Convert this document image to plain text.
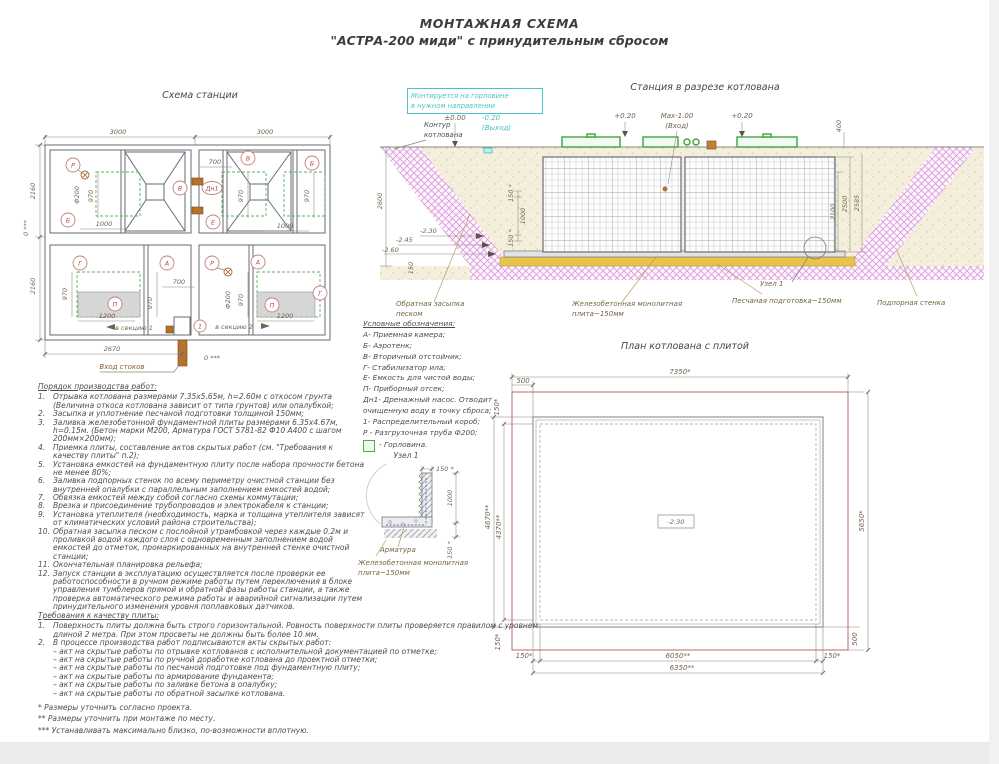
МОНТАЖНАЯ СХЕМА
"АСТРА-200 миди" с принудительным сбросом
Схема станции
Станция в разрезе котлована
План котлована с плитой
Монтируется на горловине
в нужном направлении
Контур
котлована
3000	3000
2160
2160
0 ***
2670
0 ***
Ф200 970
1000
700
970	970
1000
970
1200
700
970	Ф200 970
1200
Р
Б
В
В
Б
Дн1
Е
Г	А
П
Р	А
П
Г
1
в секцию 1	в секцию 2
Вход стоков
±0.00 -0.20
(Выход)
+0.20	Мах-1.00
(Вход)
+0.20
2100 2500 2585
400
2600
-2.30
-2.45
-2.60
150
150 *
1000
150 *
Узел 1
Обратная засыпка
песком
Железобетонная монолитная
плита~150мм
Песчаная подготовка~150мм	Подпорная стенка
-2.30
7350*
500
150*
4670** 4370**	5650*
500
150*
150*	6050**	150*
6350**
Узел 1
150 *
1000
150 *
Арматура
Железобетонная монолитная
плита~150мм
Условные обозначения:
А- Приемная камера;
Б- Аэротенк;
В- Вторичный отстойник;
Г- Стабилизатор ила;
Е- Емкость для чистой воды;
П- Приборный отсек;
Дн1- Дренажный насос. Отводит очищенную воду в точку сброса;
1- Распределительный короб;
Р - Разгрузочная труба Ф200;
- Горловина.
Порядок производства работ:
1.	Отрывка котлована размерами 7.35х5.65м, h=2.60м с откосом грунта (Величина откоса котлована зависит от типа грунтов) или опалубкой;
2.	Засыпка и уплотнение песчаной подготовки толщиной 150мм;
3.	Заливка железобетонной фундаментной плиты размерами 6.35х4.67м, h=0.15м. (Бетон марки М200, Арматура ГОСТ 5781-82 Ф10 А400 с шагом 200мм×200мм);
4.	Приемка плиты, составление актов скрытых работ (см. "Требования к качеству плиты" п.2);
5.	Установка емкостей на фундаментную плиту после набора прочности бетона не менее 80%;
6.	Заливка подпорных стенок по всему периметру очистной станции без внутренней опалубки с параллельным заполнением емкостей водой;
7.	Обвязка емкостей между собой согласно схемы коммутации;
8.	Врезка и присоединение трубопроводов и электрокабеля к станции;
9.	Установка утеплителя (необходимость, марка и толщина утеплителя зависят от климатических условий района строительства);
10. Обратная засыпка песком с послойной утрамбовкой через каждые 0.2м и проливкой водой каждого слоя с одновременным заполнением водой емкостей до отметок, промаркированных на внутренней стенке очистной станции;
11. Окончательная планировка рельефа;
12. Запуск станции в эксплуатацию осуществляется после проверки ее работоспособности в ручном режиме работы путем переключения в блоке управления тумблеров прямой и обратной фазы работы станции, а также проверка автоматического режима работы и аварийной сигнализации путем принудительного изменения уровня поплавковых датчиков.
Требования к качеству плиты:
1.	Поверхность плиты должна быть строго горизонтальной. Ровность поверхности плиты проверяется правилом с уровнем длиной 2 метра. При этом просветы не должны быть более 10 мм.
2.	В процессе производства работ подписываются акты скрытых работ:
– акт на скрытые работы по отрывке котлованов с исполнительной документацией по отметке;
– акт на скрытые работы по ручной доработке котлована до проектной отметки;
– акт на скрытые работы по песчаной подготовке под фундаментную плиту;
– акт на скрытые работы по армирование фундамента;
– акт на скрытые работы по заливке бетона в опалубку;
– акт на скрытые работы по обратной засыпке котлована.
* Размеры уточнить согласно проекта.
** Размеры уточнить при монтаже по месту.
*** Устанавливать максимально близко, по-возможности вплотную.
